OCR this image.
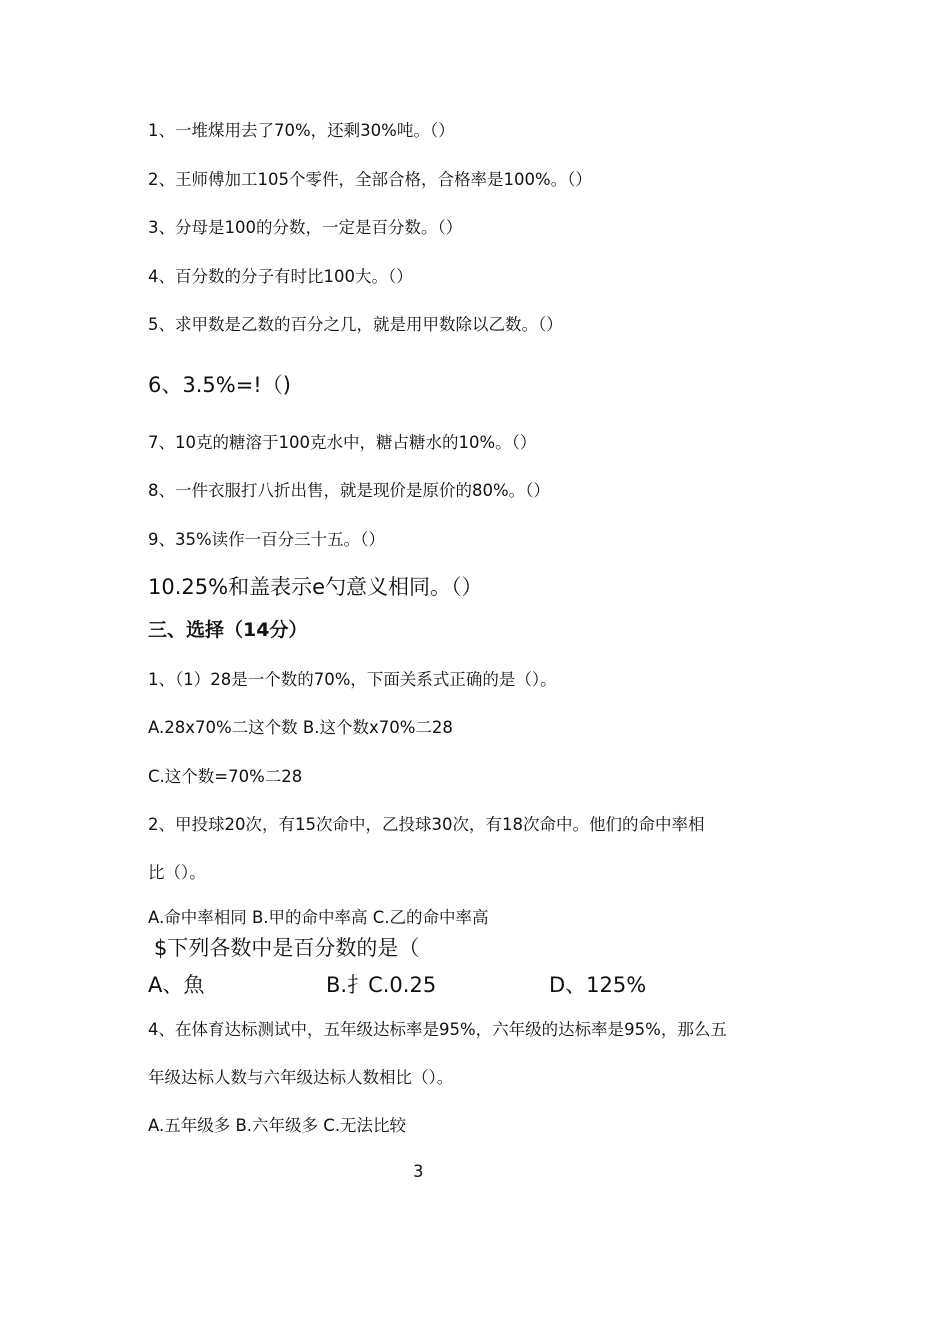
1、一堆煤用去了70%，还剩30%吨。（）
2、王师傅加工105个零件，全部合格，合格率是100%。（）
3、分母是100的分数，一定是百分数。（）
4、百分数的分子有时比100大。（）
5、求甲数是乙数的百分之几，就是用甲数除以乙数。（）
6、3.5%=!（)
7、10克的糖溶于100克水中，糖占糖水的10%。（）
8、一件衣服打八折出售，就是现价是原价的80%。（）
9、35%读作一百分三十五。（）
10.25%和盖表示e勺意义相同。（）
三、选择（14分）
1、（1）28是一个数的70%，下面关系式正确的是（）。
A.28x70%二这个数 B.这个数x70%二28
C.这个数=70%二28
2、甲投球20次，有15次命中，乙投球30次，有18次命中。他们的命中率相
比（）。
A.命中率相同 B.甲的命中率高 C.乙的命中率高
$下列各数中是百分数的是（
A、魚	B.扌C.0.25	D、125%
4、在体育达标测试中，五年级达标率是95%，六年级的达标率是95%，那么五
年级达标人数与六年级达标人数相比（）。
A.五年级多 B.六年级多 C.无法比较
3
